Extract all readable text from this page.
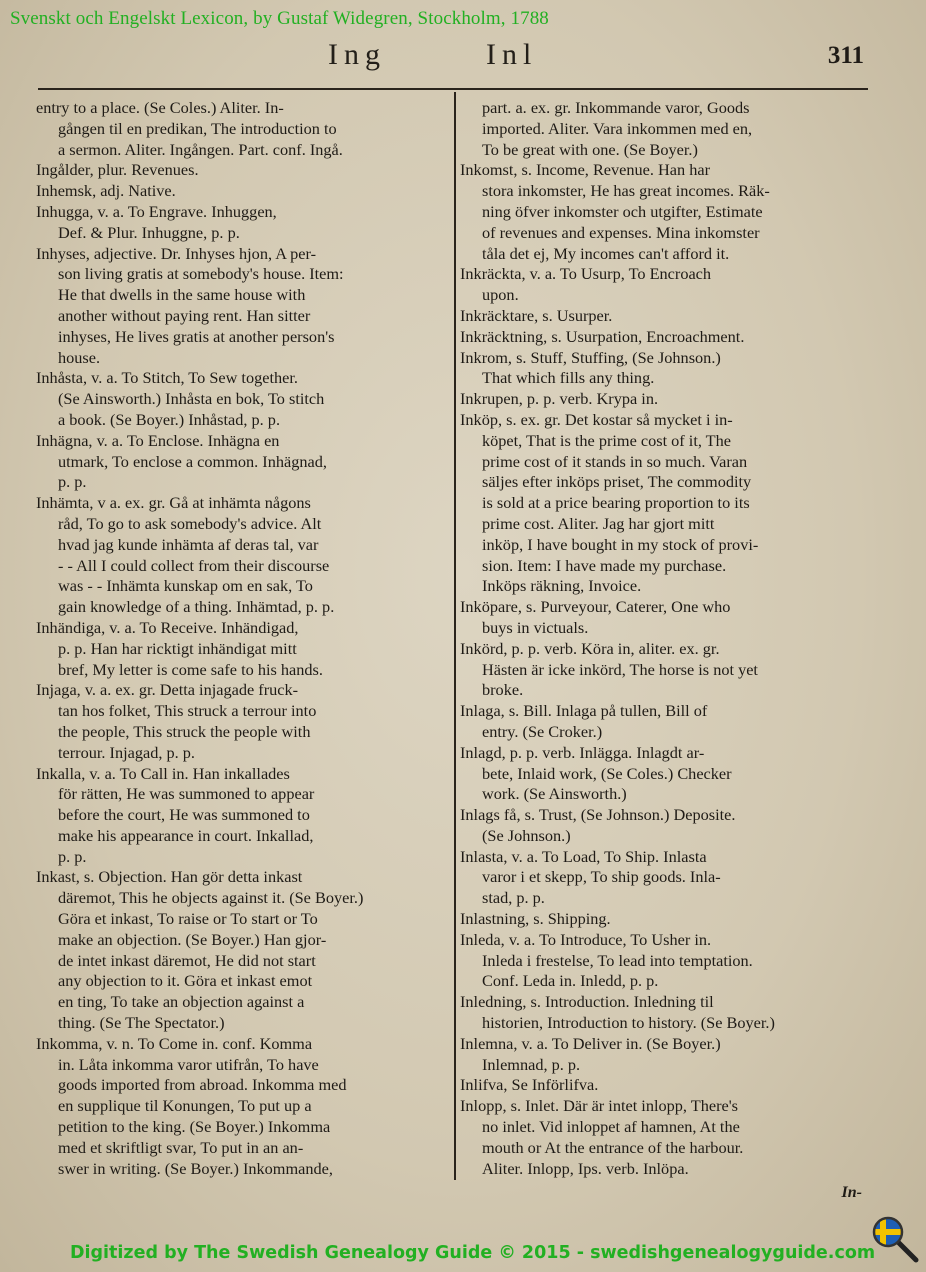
Svenskt och Engelskt Lexicon, by Gustaf Widegren, Stockholm, 1788
Ing	Inl	311
entry to a place. (Se Coles.) Aliter. In-
gången til en predikan, The introduction to
a sermon. Aliter. Ingången. Part. conf. Ingå.
Ingålder, plur. Revenues.
Inhemsk, adj. Native.
Inhugga, v. a. To Engrave. Inhuggen,
Def. & Plur. Inhuggne, p. p.
Inhyses, adjective. Dr. Inhyses hjon, A per-
son living gratis at somebody's house. Item:
He that dwells in the same house with
another without paying rent. Han sitter
inhyses, He lives gratis at another person's
house.
Inhåsta, v. a. To Stitch, To Sew together.
(Se Ainsworth.) Inhåsta en bok, To stitch
a book. (Se Boyer.) Inhåstad, p. p.
Inhägna, v. a. To Enclose. Inhägna en
utmark, To enclose a common. Inhägnad,
p. p.
Inhämta, v a. ex. gr. Gå at inhämta någons
råd, To go to ask somebody's advice. Alt
hvad jag kunde inhämta af deras tal, var
- - All I could collect from their discourse
was - - Inhämta kunskap om en sak, To
gain knowledge of a thing. Inhämtad, p. p.
Inhändiga, v. a. To Receive. Inhändigad,
p. p. Han har ricktigt inhändigat mitt
bref, My letter is come safe to his hands.
Injaga, v. a. ex. gr. Detta injagade fruck-
tan hos folket, This struck a terrour into
the people, This struck the people with
terrour. Injagad, p. p.
Inkalla, v. a. To Call in. Han inkallades
för rätten, He was summoned to appear
before the court, He was summoned to
make his appearance in court. Inkallad,
p. p.
Inkast, s. Objection. Han gör detta inkast
däremot, This he objects against it. (Se Boyer.)
Göra et inkast, To raise or To start or To
make an objection. (Se Boyer.) Han gjor-
de intet inkast däremot, He did not start
any objection to it. Göra et inkast emot
en ting, To take an objection against a
thing. (Se The Spectator.)
Inkomma, v. n. To Come in. conf. Komma
in. Låta inkomma varor utifrån, To have
goods imported from abroad. Inkomma med
en supplique til Konungen, To put up a
petition to the king. (Se Boyer.) Inkomma
med et skriftligt svar, To put in an an-
swer in writing. (Se Boyer.) Inkommande,
part. a. ex. gr. Inkommande varor, Goods
imported. Aliter. Vara inkommen med en,
To be great with one. (Se Boyer.)
Inkomst, s. Income, Revenue. Han har
stora inkomster, He has great incomes. Räk-
ning öfver inkomster och utgifter, Estimate
of revenues and expenses. Mina inkomster
tåla det ej, My incomes can't afford it.
Inkräckta, v. a. To Usurp, To Encroach
upon.
Inkräcktare, s. Usurper.
Inkräcktning, s. Usurpation, Encroachment.
Inkrom, s. Stuff, Stuffing, (Se Johnson.)
That which fills any thing.
Inkrupen, p. p. verb. Krypa in.
Inköp, s. ex. gr. Det kostar så mycket i in-
köpet, That is the prime cost of it, The
prime cost of it stands in so much. Varan
säljes efter inköps priset, The commodity
is sold at a price bearing proportion to its
prime cost. Aliter. Jag har gjort mitt
inköp, I have bought in my stock of provi-
sion. Item: I have made my purchase.
Inköps räkning, Invoice.
Inköpare, s. Purveyour, Caterer, One who
buys in victuals.
Inkörd, p. p. verb. Köra in, aliter. ex. gr.
Hästen är icke inkörd, The horse is not yet
broke.
Inlaga, s. Bill. Inlaga på tullen, Bill of
entry. (Se Croker.)
Inlagd, p. p. verb. Inlägga. Inlagdt ar-
bete, Inlaid work, (Se Coles.) Checker
work. (Se Ainsworth.)
Inlags få, s. Trust, (Se Johnson.) Deposite.
(Se Johnson.)
Inlasta, v. a. To Load, To Ship. Inlasta
varor i et skepp, To ship goods. Inla-
stad, p. p.
Inlastning, s. Shipping.
Inleda, v. a. To Introduce, To Usher in.
Inleda i frestelse, To lead into temptation.
Conf. Leda in. Inledd, p. p.
Inledning, s. Introduction. Inledning til
historien, Introduction to history. (Se Boyer.)
Inlemna, v. a. To Deliver in. (Se Boyer.)
Inlemnad, p. p.
Inlifva, Se Införlifva.
Inlopp, s. Inlet. Där är intet inlopp, There's
no inlet. Vid inloppet af hamnen, At the
mouth or At the entrance of the harbour.
Aliter. Inlopp, Ips. verb. Inlöpa.
In-
Digitized by The Swedish Genealogy Guide © 2015 - swedishgenealogyguide.com
